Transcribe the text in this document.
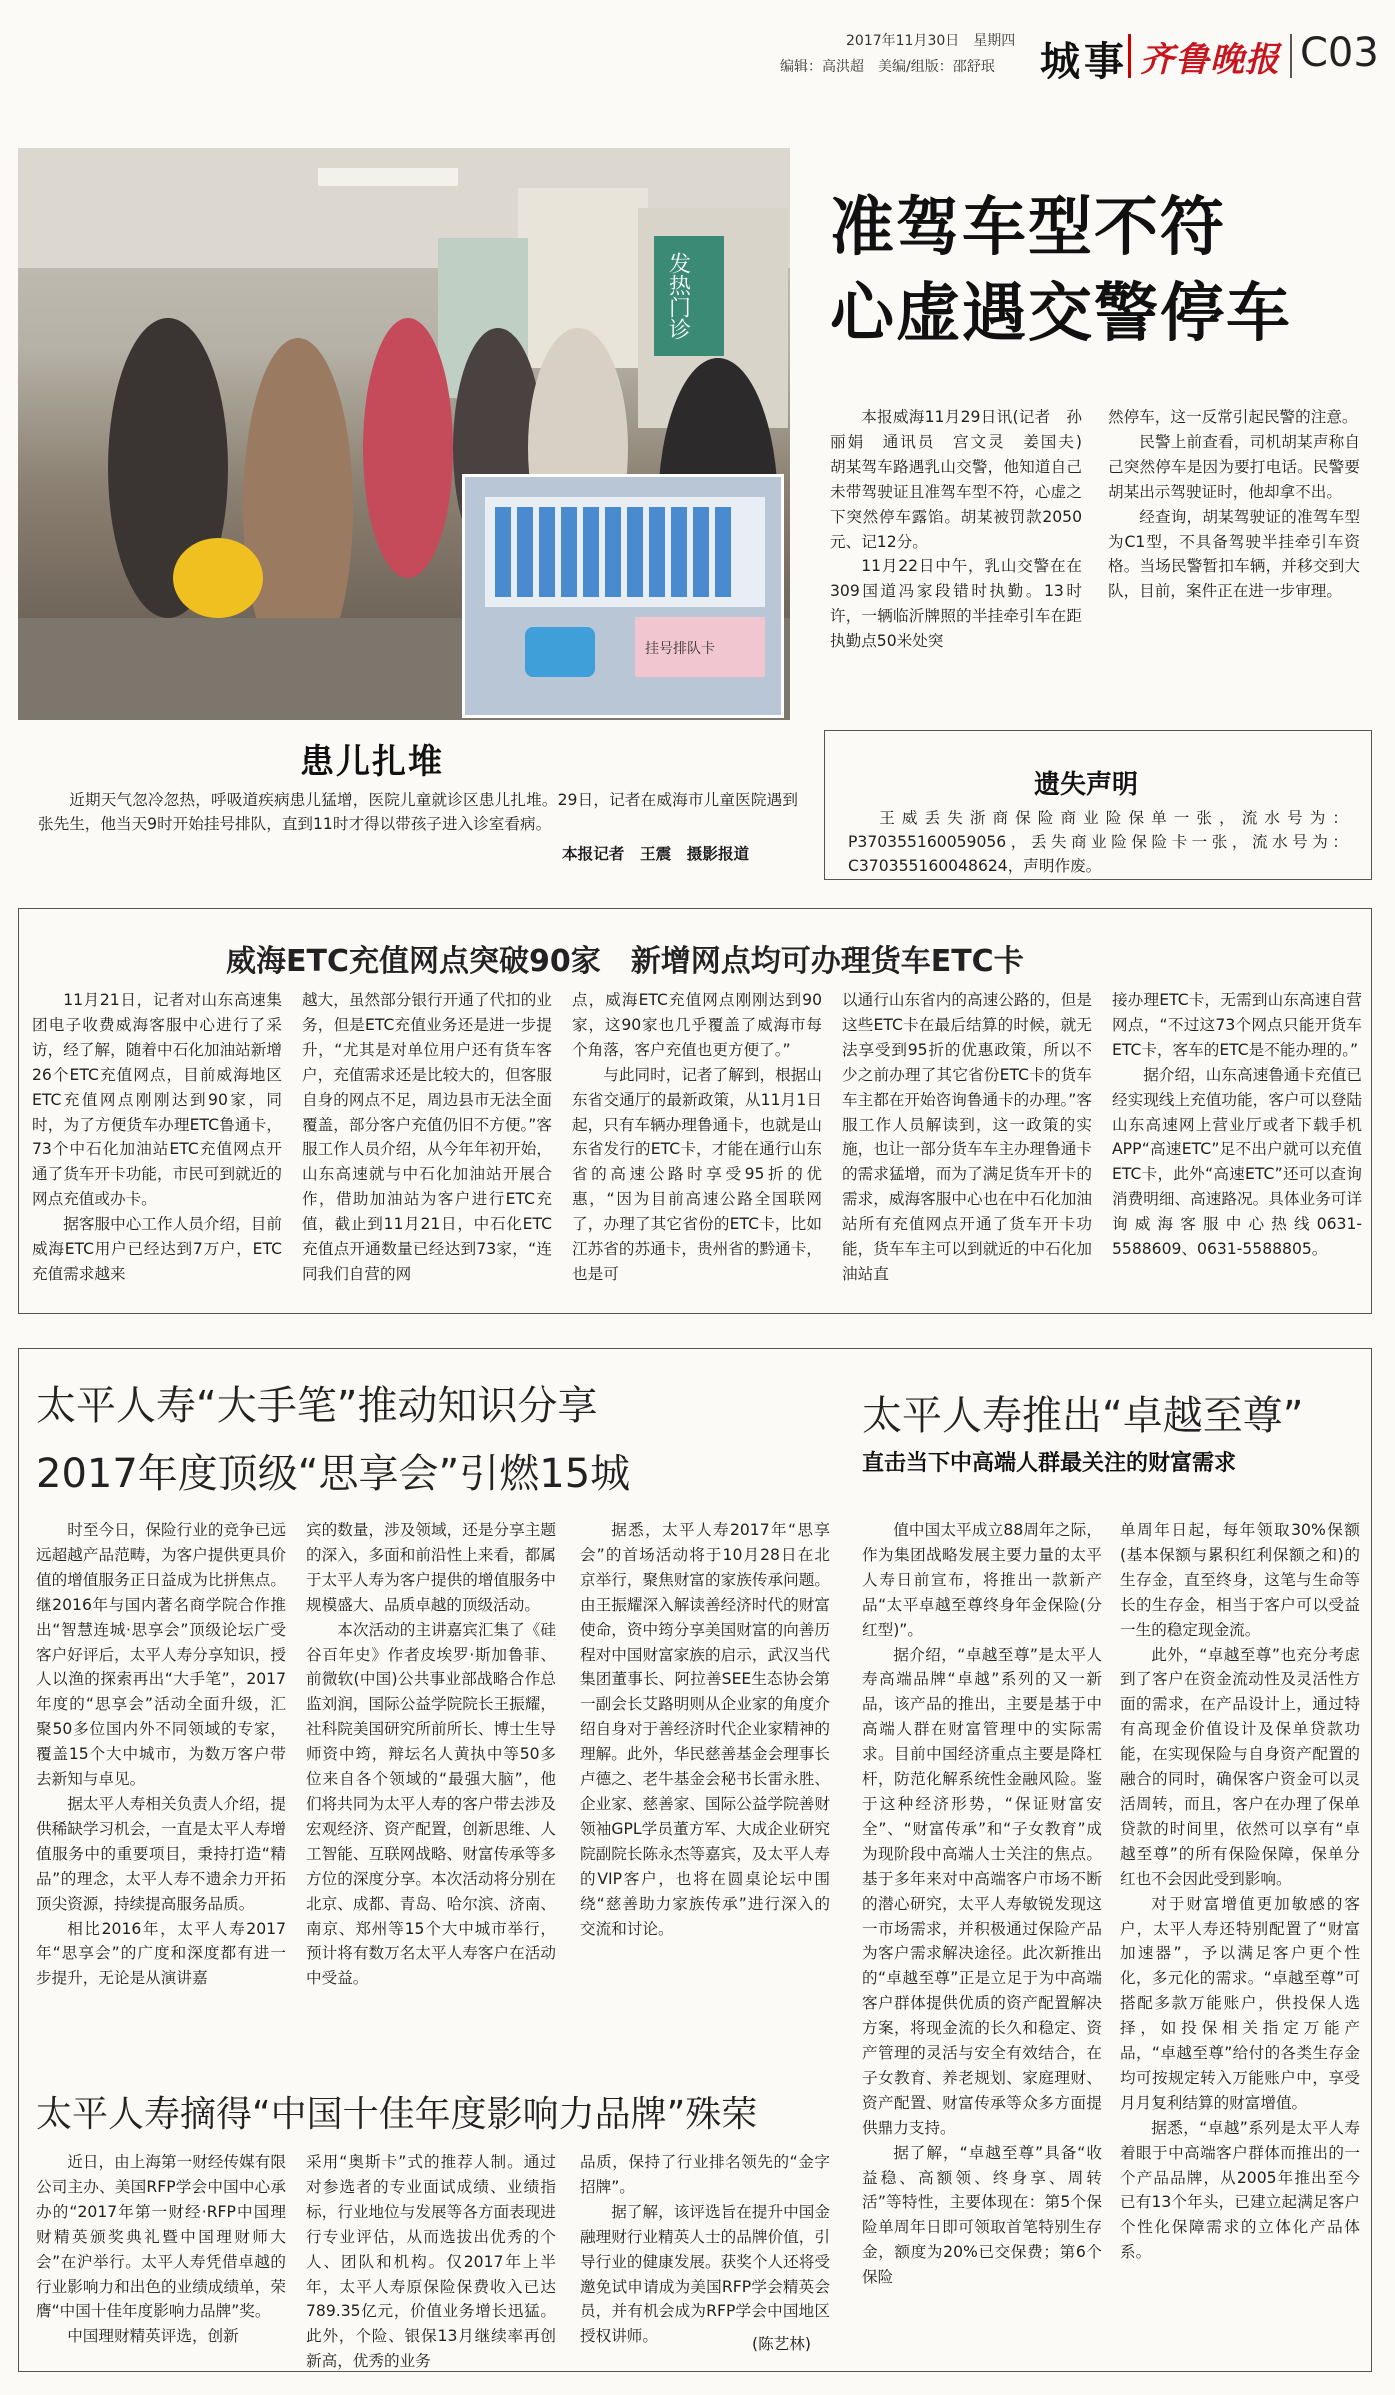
2017年11月30日　星期四
编辑：高洪超　美编/组版：邵舒珉 城事 齐鲁晚报 C03
发热门诊
挂号排队卡
患儿扎堆

近期天气忽冷忽热，呼吸道疾病患儿猛增，医院儿童就诊区患儿扎堆。29日，记者在威海市儿童医院遇到张先生，他当天9时开始挂号排队，直到11时才得以带孩子进入诊室看病。

本报记者　王震　摄影报道
准驾车型不符
心虚遇交警停车

本报威海11月29日讯(记者　孙丽娟　通讯员　宫文灵　姜国夫)　胡某驾车路遇乳山交警，他知道自己未带驾驶证且准驾车型不符，心虚之下突然停车露馅。胡某被罚款2050元、记12分。

11月22日中午，乳山交警在在309国道冯家段错时执勤。13时许，一辆临沂牌照的半挂牵引车在距执勤点50米处突

然停车，这一反常引起民警的注意。

民警上前查看，司机胡某声称自己突然停车是因为要打电话。民警要胡某出示驾驶证时，他却拿不出。

经查询，胡某驾驶证的准驾车型为C1型，不具备驾驶半挂牵引车资格。当场民警暂扣车辆，并移交到大队，目前，案件正在进一步审理。

遗失声明

王威丢失浙商保险商业险保单一张，流水号为：P370355160059056，丢失商业险保险卡一张，流水号为：C370355160048624，声明作废。

威海ETC充值网点突破90家　新增网点均可办理货车ETC卡

11月21日，记者对山东高速集团电子收费威海客服中心进行了采访，经了解，随着中石化加油站新增26个ETC充值网点，目前威海地区ETC充值网点刚刚达到90家，同时，为了方便货车办理ETC鲁通卡，73个中石化加油站ETC充值网点开通了货车开卡功能，市民可到就近的网点充值或办卡。

据客服中心工作人员介绍，目前威海ETC用户已经达到7万户，ETC充值需求越来

越大，虽然部分银行开通了代扣的业务，但是ETC充值业务还是进一步提升，“尤其是对单位用户还有货车客户，充值需求还是比较大的，但客服自身的网点不足，周边县市无法全面覆盖，部分客户充值仍旧不方便。”客服工作人员介绍，从今年年初开始，山东高速就与中石化加油站开展合作，借助加油站为客户进行ETC充值，截止到11月21日，中石化ETC充值点开通数量已经达到73家，“连同我们自营的网

点，威海ETC充值网点刚刚达到90家，这90家也几乎覆盖了威海市每个角落，客户充值也更方便了。”

与此同时，记者了解到，根据山东省交通厅的最新政策，从11月1日起，只有车辆办理鲁通卡，也就是山东省发行的ETC卡，才能在通行山东省的高速公路时享受95折的优惠，“因为目前高速公路全国联网了，办理了其它省份的ETC卡，比如江苏省的苏通卡，贵州省的黔通卡，也是可

以通行山东省内的高速公路的，但是这些ETC卡在最后结算的时候，就无法享受到95折的优惠政策，所以不少之前办理了其它省份ETC卡的货车车主都在开始咨询鲁通卡的办理。”客服工作人员解读到，这一政策的实施，也让一部分货车车主办理鲁通卡的需求猛增，而为了满足货车开卡的需求，威海客服中心也在中石化加油站所有充值网点开通了货车开卡功能，货车车主可以到就近的中石化加油站直

接办理ETC卡，无需到山东高速自营网点，“不过这73个网点只能开货车ETC卡，客车的ETC是不能办理的。”

据介绍，山东高速鲁通卡充值已经实现线上充值功能，客户可以登陆山东高速网上营业厅或者下载手机APP“高速ETC”足不出户就可以充值ETC卡，此外“高速ETC”还可以查询消费明细、高速路况。具体业务可详询威海客服中心热线0631-5588609、0631-5588805。

太平人寿“大手笔”推动知识分享
2017年度顶级“思享会”引燃15城

时至今日，保险行业的竞争已远远超越产品范畴，为客户提供更具价值的增值服务正日益成为比拼焦点。继2016年与国内著名商学院合作推出“智慧连城·思享会”顶级论坛广受客户好评后，太平人寿分享知识，授人以渔的探索再出“大手笔”，2017年度的“思享会”活动全面升级，汇聚50多位国内外不同领域的专家，覆盖15个大中城市，为数万客户带去新知与卓见。

据太平人寿相关负责人介绍，提供稀缺学习机会，一直是太平人寿增值服务中的重要项目，秉持打造“精品”的理念，太平人寿不遗余力开拓顶尖资源，持续提高服务品质。

相比2016年，太平人寿2017年“思享会”的广度和深度都有进一步提升，无论是从演讲嘉

宾的数量，涉及领域，还是分享主题的深入，多面和前沿性上来看，都属于太平人寿为客户提供的增值服务中规模盛大、品质卓越的顶级活动。

本次活动的主讲嘉宾汇集了《硅谷百年史》作者皮埃罗·斯加鲁菲、前微软(中国)公共事业部战略合作总监刘润，国际公益学院院长王振耀，社科院美国研究所前所长、博士生导师资中筠，辩坛名人黄执中等50多位来自各个领域的“最强大脑”，他们将共同为太平人寿的客户带去涉及宏观经济、资产配置，创新思维、人工智能、互联网战略、财富传承等多方位的深度分享。本次活动将分别在北京、成都、青岛、哈尔滨、济南、南京、郑州等15个大中城市举行，预计将有数万名太平人寿客户在活动中受益。

据悉，太平人寿2017年“思享会”的首场活动将于10月28日在北京举行，聚焦财富的家族传承问题。由王振耀深入解读善经济时代的财富使命，资中筠分享美国财富的向善历程对中国财富家族的启示，武汉当代集团董事长、阿拉善SEE生态协会第一副会长艾路明则从企业家的角度介绍自身对于善经济时代企业家精神的理解。此外，华民慈善基金会理事长卢德之、老牛基金会秘书长雷永胜、企业家、慈善家、国际公益学院善财领袖GPL学员董方军、大成企业研究院副院长陈永杰等嘉宾，及太平人寿的VIP客户，也将在圆桌论坛中围绕“慈善助力家族传承”进行深入的交流和讨论。

太平人寿推出“卓越至尊”
直击当下中高端人群最关注的财富需求

值中国太平成立88周年之际，作为集团战略发展主要力量的太平人寿日前宣布，将推出一款新产品“太平卓越至尊终身年金保险(分红型)”。

据介绍，“卓越至尊”是太平人寿高端品牌“卓越”系列的又一新品，该产品的推出，主要是基于中高端人群在财富管理中的实际需求。目前中国经济重点主要是降杠杆，防范化解系统性金融风险。鉴于这种经济形势，“保证财富安全”、“财富传承”和“子女教育”成为现阶段中高端人士关注的焦点。基于多年来对中高端客户市场不断的潜心研究，太平人寿敏锐发现这一市场需求，并积极通过保险产品为客户需求解决途径。此次新推出的“卓越至尊”正是立足于为中高端客户群体提供优质的资产配置解决方案，将现金流的长久和稳定、资产管理的灵活与安全有效结合，在子女教育、养老规划、家庭理财、资产配置、财富传承等众多方面提供鼎力支持。

据了解，“卓越至尊”具备“收益稳、高额领、终身享、周转活”等特性，主要体现在：第5个保险单周年日即可领取首笔特别生存金，额度为20%已交保费；第6个保险

单周年日起，每年领取30%保额(基本保额与累积红利保额之和)的生存金，直至终身，这笔与生命等长的生存金，相当于客户可以受益一生的稳定现金流。

此外，“卓越至尊”也充分考虑到了客户在资金流动性及灵活性方面的需求，在产品设计上，通过特有高现金价值设计及保单贷款功能，在实现保险与自身资产配置的融合的同时，确保客户资金可以灵活周转，而且，客户在办理了保单贷款的时间里，依然可以享有“卓越至尊”的所有保险保障，保单分红也不会因此受到影响。

对于财富增值更加敏感的客户，太平人寿还特别配置了“财富加速器”，予以满足客户更个性化，多元化的需求。“卓越至尊”可搭配多款万能账户，供投保人选择，如投保相关指定万能产品，“卓越至尊”给付的各类生存金均可按规定转入万能账户中，享受月月复利结算的财富增值。

据悉，“卓越”系列是太平人寿着眼于中高端客户群体而推出的一个产品品牌，从2005年推出至今已有13个年头，已建立起满足客户个性化保障需求的立体化产品体系。

太平人寿摘得“中国十佳年度影响力品牌”殊荣

近日，由上海第一财经传媒有限公司主办、美国RFP学会中国中心承办的“2017年第一财经·RFP中国理财精英颁奖典礼暨中国理财师大会”在沪举行。太平人寿凭借卓越的行业影响力和出色的业绩成绩单，荣膺“中国十佳年度影响力品牌”奖。

中国理财精英评选，创新

采用“奥斯卡”式的推荐人制。通过对参选者的专业面试成绩、业绩指标，行业地位与发展等各方面表现进行专业评估，从而选拔出优秀的个人、团队和机构。仅2017年上半年，太平人寿原保险保费收入已达789.35亿元，价值业务增长迅猛。此外，个险、银保13月继续率再创新高，优秀的业务

品质，保持了行业排名领先的“金字招牌”。

据了解，该评选旨在提升中国金融理财行业精英人士的品牌价值，引导行业的健康发展。获奖个人还将受邀免试申请成为美国RFP学会精英会员，并有机会成为RFP学会中国地区授权讲师。	(陈艺林)
